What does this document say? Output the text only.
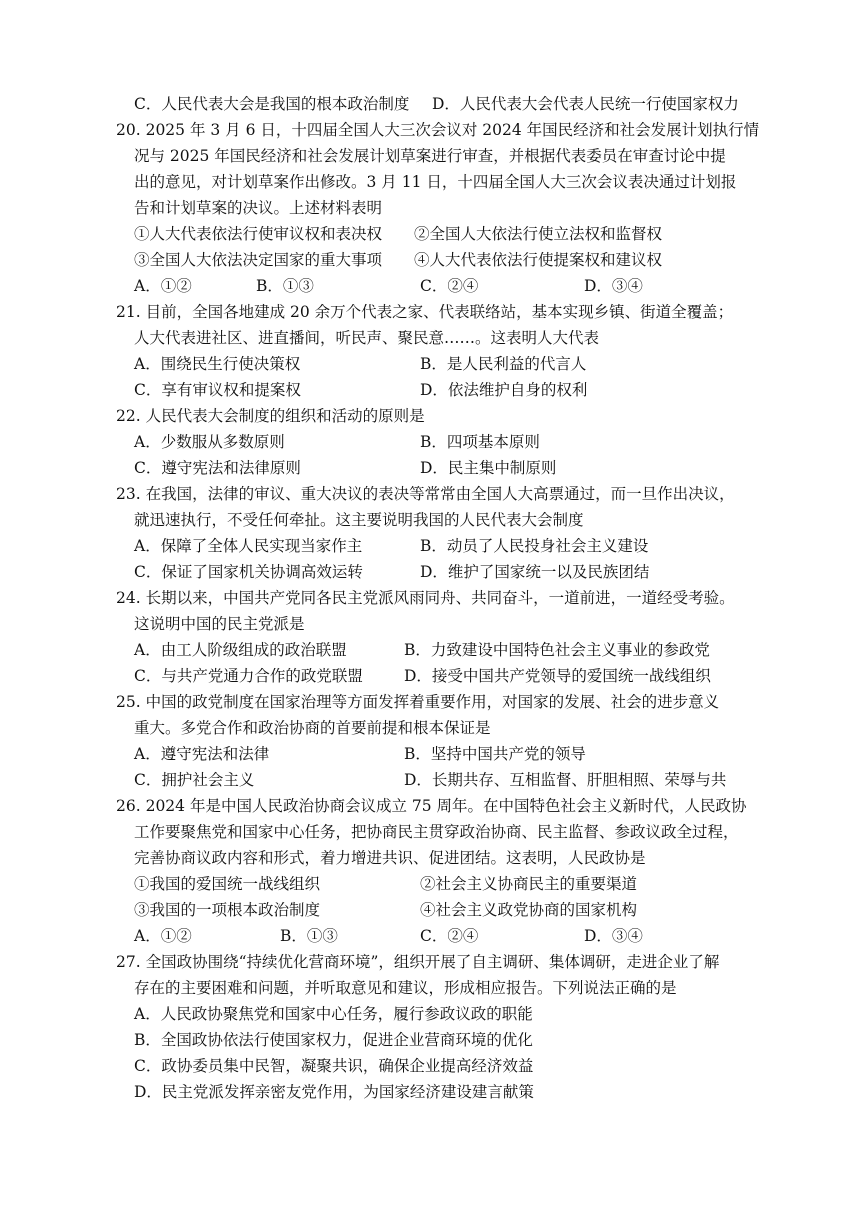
C．人民代表大会是我国的根本政治制度 D．人民代表大会代表人民统一行使国家权力
20. 2025 年 3 月 6 日，十四届全国人大三次会议对 2024 年国民经济和社会发展计划执行情
况与 2025 年国民经济和社会发展计划草案进行审查，并根据代表委员在审查讨论中提
出的意见，对计划草案作出修改。3 月 11 日，十四届全国人大三次会议表决通过计划报
告和计划草案的决议。上述材料表明
①人大代表依法行使审议权和表决权 ②全国人大依法行使立法权和监督权
③全国人大依法决定国家的重大事项 ④人大代表依法行使提案权和建议权
A．①②	B．①③	C．②④	D．③④
21. 目前，全国各地建成 20 余万个代表之家、代表联络站，基本实现乡镇、街道全覆盖；
人大代表进社区、进直播间，听民声、聚民意……。这表明人大代表
A．围绕民生行使决策权	B．是人民利益的代言人
C．享有审议权和提案权	D．依法维护自身的权利
22. 人民代表大会制度的组织和活动的原则是
A．少数服从多数原则	B．四项基本原则
C．遵守宪法和法律原则	D．民主集中制原则
23. 在我国，法律的审议、重大决议的表决等常常由全国人大高票通过，而一旦作出决议，
就迅速执行，不受任何牵扯。这主要说明我国的人民代表大会制度
A．保障了全体人民实现当家作主	B．动员了人民投身社会主义建设
C．保证了国家机关协调高效运转	D．维护了国家统一以及民族团结
24. 长期以来，中国共产党同各民主党派风雨同舟、共同奋斗，一道前进，一道经受考验。
这说明中国的民主党派是
A．由工人阶级组成的政治联盟	B．力致建设中国特色社会主义事业的参政党
C．与共产党通力合作的政党联盟	D．接受中国共产党领导的爱国统一战线组织
25. 中国的政党制度在国家治理等方面发挥着重要作用，对国家的发展、社会的进步意义
重大。多党合作和政治协商的首要前提和根本保证是
A．遵守宪法和法律	B．坚持中国共产党的领导
C．拥护社会主义	D．长期共存、互相监督、肝胆相照、荣辱与共
26. 2024 年是中国人民政治协商会议成立 75 周年。在中国特色社会主义新时代，人民政协
工作要聚焦党和国家中心任务，把协商民主贯穿政治协商、民主监督、参政议政全过程，
完善协商议政内容和形式，着力增进共识、促进团结。这表明，人民政协是
①我国的爱国统一战线组织	②社会主义协商民主的重要渠道
③我国的一项根本政治制度	④社会主义政党协商的国家机构
A．①②	B．①③	C．②④	D．③④
27. 全国政协围绕“持续优化营商环境”，组织开展了自主调研、集体调研，走进企业了解
存在的主要困难和问题，并听取意见和建议，形成相应报告。下列说法正确的是
A．人民政协聚焦党和国家中心任务，履行参政议政的职能
B．全国政协依法行使国家权力，促进企业营商环境的优化
C．政协委员集中民智，凝聚共识，确保企业提高经济效益
D．民主党派发挥亲密友党作用，为国家经济建设建言献策
